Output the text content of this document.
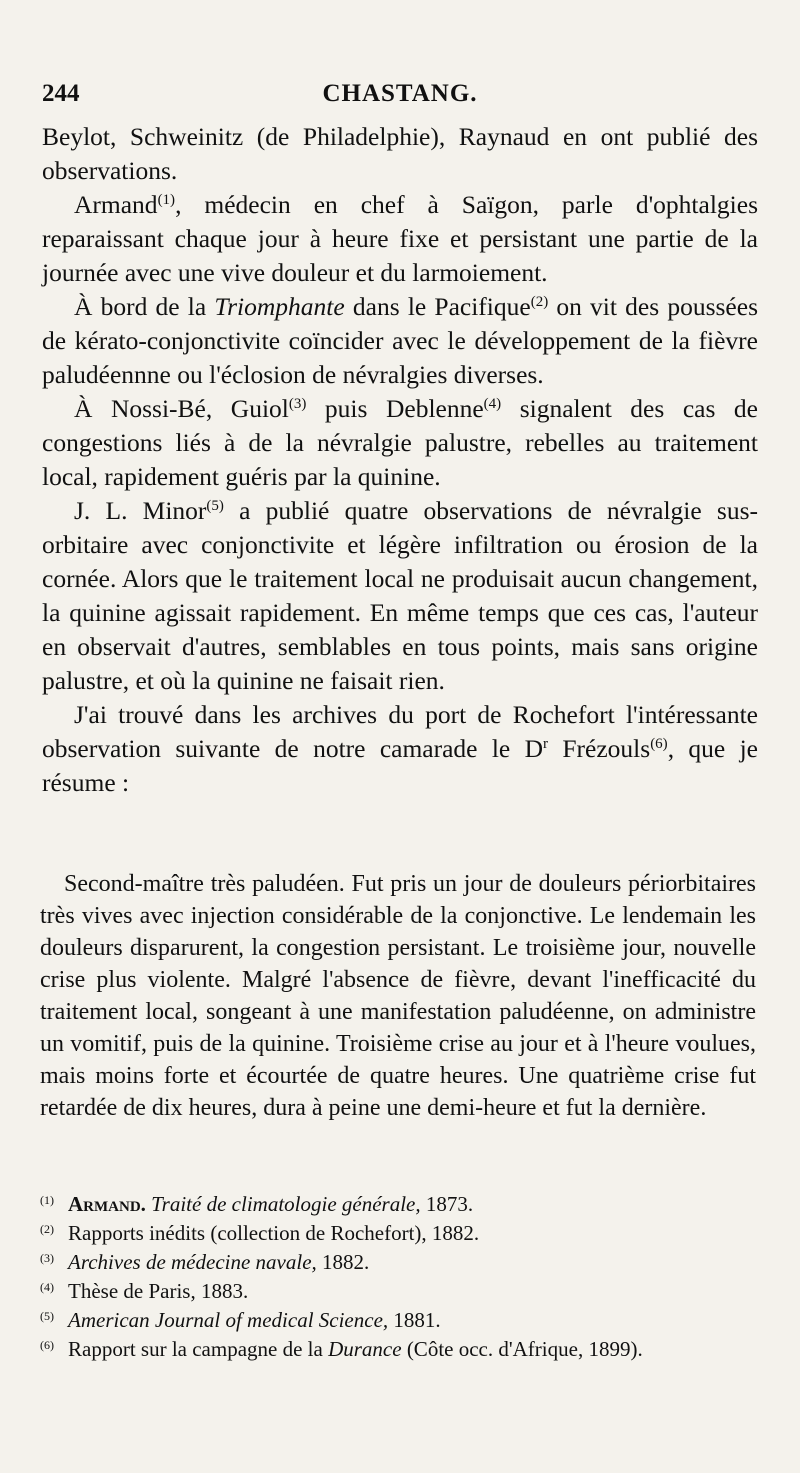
244	CHASTANG.

Beylot, Schweinitz (de Philadelphie), Raynaud en ont publié des observations.

Armand$^{(1)}$, médecin en chef à Saïgon, parle d'ophtalgies reparaissant chaque jour à heure fixe et persistant une partie de la journée avec une vive douleur et du larmoiement.

À bord de la Triomphante dans le Pacifique$^{(2)}$ on vit des poussées de kérato-conjonctivite coïncider avec le développement de la fièvre paludéennne ou l'éclosion de névralgies diverses.

À Nossi-Bé, Guiol$^{(3)}$ puis Deblenne$^{(4)}$ signalent des cas de congestions liés à de la névralgie palustre, rebelles au traitement local, rapidement guéris par la quinine.

J. L. Minor$^{(5)}$ a publié quatre observations de névralgie sus-orbitaire avec conjonctivite et légère infiltration ou érosion de la cornée. Alors que le traitement local ne produisait aucun changement, la quinine agissait rapidement. En même temps que ces cas, l'auteur en observait d'autres, semblables en tous points, mais sans origine palustre, et où la quinine ne faisait rien.

J'ai trouvé dans les archives du port de Rochefort l'intéressante observation suivante de notre camarade le $D^r$ Frézouls$^{(6)}$, que je résume :

Second-maître très paludéen. Fut pris un jour de douleurs périorbitaires très vives avec injection considérable de la conjonctive. Le lendemain les douleurs disparurent, la congestion persistant. Le troisième jour, nouvelle crise plus violente. Malgré l'absence de fièvre, devant l'inefficacité du traitement local, songeant à une manifestation paludéenne, on administre un vomitif, puis de la quinine. Troisième crise au jour et à l'heure voulues, mais moins forte et écourtée de quatre heures. Une quatrième crise fut retardée de dix heures, dura à peine une demi-heure et fut la dernière.

$^{(1)}$ Armand. Traité de climatologie générale, 1873.
$^{(2)}$ Rapports inédits (collection de Rochefort), 1882.
$^{(3)}$ Archives de médecine navale, 1882.
$^{(4)}$ Thèse de Paris, 1883.
$^{(5)}$ American Journal of medical Science, 1881.
$^{(6)}$ Rapport sur la campagne de la Durance (Côte occ. d'Afrique, 1899).
